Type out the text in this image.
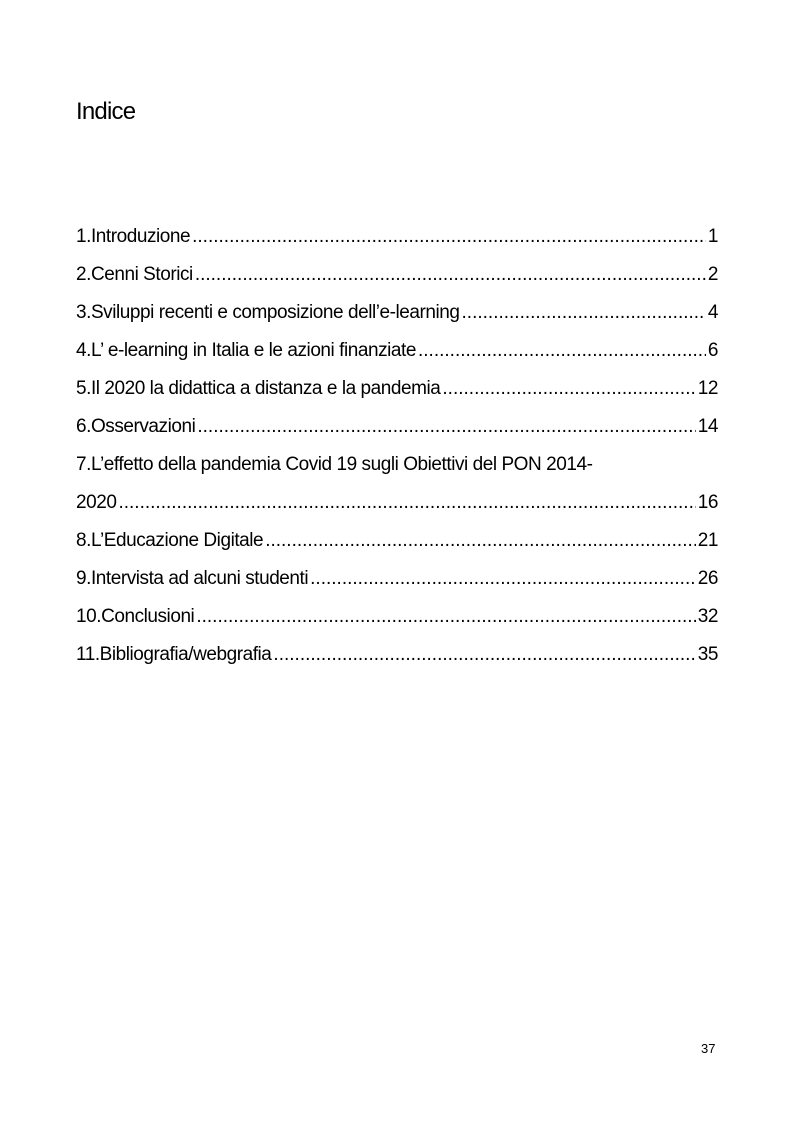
Indice
1.Introduzione .....	1
2.Cenni Storici .....	2
3.Sviluppi recenti e composizione dell’e-learning .....	4
4.L’ e-learning in Italia e le azioni finanziate .....	6
5.Il 2020 la didattica a distanza e la pandemia .....	12
6.Osservazioni .....	14
7.L’effetto della pandemia Covid 19 sugli Obiettivi del PON 2014-
2020 .....	16
8.L’Educazione Digitale .....	21
9.Intervista ad alcuni studenti .....	26
10.Conclusioni .....	32
11.Bibliografia/webgrafia .....	35
37
